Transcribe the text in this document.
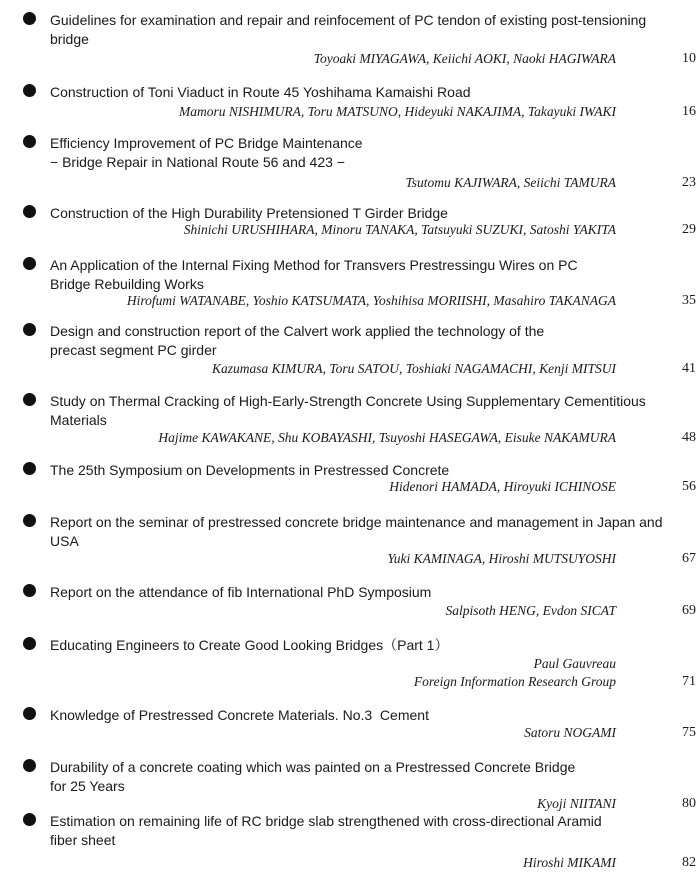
Guidelines for examination and repair and reinfocement of PC tendon of existing post-tensioning bridge
Toyoaki MIYAGAWA, Keiichi AOKI, Naoki HAGIWARA	10
Construction of Toni Viaduct in Route 45 Yoshihama Kamaishi Road
Mamoru NISHIMURA, Toru MATSUNO, Hideyuki NAKAJIMA, Takayuki IWAKI	16
Efficiency Improvement of PC Bridge Maintenance
− Bridge Repair in National Route 56 and 423 −
Tsutomu KAJIWARA, Seiichi TAMURA	23
Construction of the High Durability Pretensioned T Girder Bridge
Shinichi URUSHIHARA, Minoru TANAKA, Tatsuyuki SUZUKI, Satoshi YAKITA	29
An Application of the Internal Fixing Method for Transvers Prestressingu Wires on PC Bridge Rebuilding Works
Hirofumi WATANABE, Yoshio KATSUMATA, Yoshihisa MORIISHI, Masahiro TAKANAGA	35
Design and construction report of the Calvert work applied the technology of the precast segment PC girder
Kazumasa KIMURA, Toru SATOU, Toshiaki NAGAMACHI, Kenji MITSUI	41
Study on Thermal Cracking of High-Early-Strength Concrete Using Supplementary Cementitious Materials
Hajime KAWAKANE, Shu KOBAYASHI, Tsuyoshi HASEGAWA, Eisuke NAKAMURA	48
The 25th Symposium on Developments in Prestressed Concrete
Hidenori HAMADA, Hiroyuki ICHINOSE	56
Report on the seminar of prestressed concrete bridge maintenance and management in Japan and USA
Yuki KAMINAGA, Hiroshi MUTSUYOSHI	67
Report on the attendance of fib International PhD Symposium
Salpisoth HENG, Evdon SICAT	69
Educating Engineers to Create Good Looking Bridges（Part 1）
Paul Gauvreau
Foreign Information Research Group	71
Knowledge of Prestressed Concrete Materials. No.3  Cement
Satoru NOGAMI	75
Durability of a concrete coating which was painted on a Prestressed Concrete Bridge for 25 Years
Kyoji NIITANI	80
Estimation on remaining life of RC bridge slab strengthened with cross-directional Aramid fiber sheet
Hiroshi MIKAMI	82
